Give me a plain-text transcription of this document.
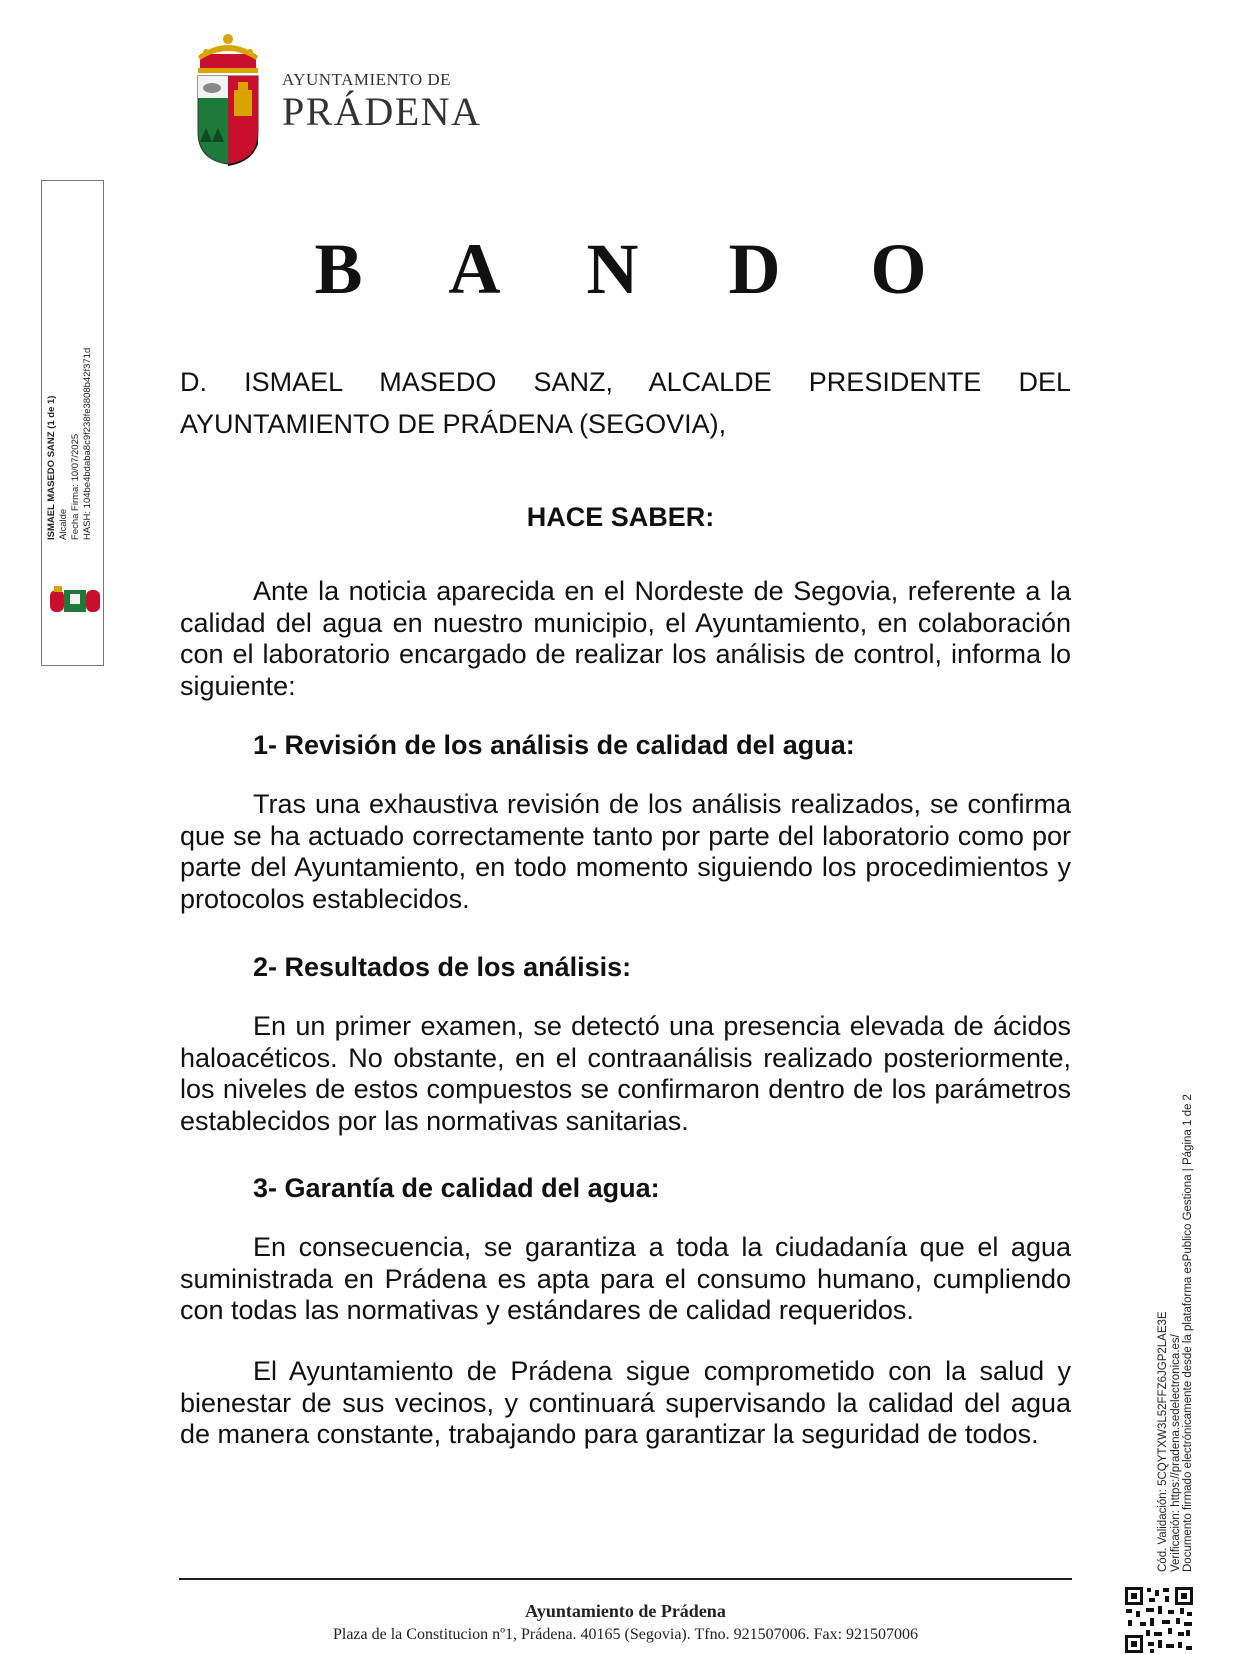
AYUNTAMIENTO DE
PRÁDENA
ISMAEL MASEDO SANZ (1 de 1) Alcalde Fecha Firma: 10/07/2025 HASH: 104be4bdaba8c9f238fe3808b42f371d
B A N D O

D. ISMAEL MASEDO SANZ, ALCALDE PRESIDENTE DEL

AYUNTAMIENTO DE PRÁDENA (SEGOVIA),

HACE SABER:

Ante la noticia aparecida en el Nordeste de Segovia, referente a la calidad del agua en nuestro municipio, el Ayuntamiento, en colaboración con el laboratorio encargado de realizar los análisis de control, informa lo siguiente:

1- Revisión de los análisis de calidad del agua:

Tras una exhaustiva revisión de los análisis realizados, se confirma que se ha actuado correctamente tanto por parte del laboratorio como por parte del Ayuntamiento, en todo momento siguiendo los procedimientos y protocolos establecidos.

2- Resultados de los análisis:

En un primer examen, se detectó una presencia elevada de ácidos haloacéticos. No obstante, en el contraanálisis realizado posteriormente, los niveles de estos compuestos se confirmaron dentro de los parámetros establecidos por las normativas sanitarias.

3- Garantía de calidad del agua:

En consecuencia, se garantiza a toda la ciudadanía que el agua suministrada en Prádena es apta para el consumo humano, cumpliendo con todas las normativas y estándares de calidad requeridos.

El Ayuntamiento de Prádena sigue comprometido con la salud y bienestar de sus vecinos, y continuará supervisando la calidad del agua de manera constante, trabajando para garantizar la seguridad de todos.

Ayuntamiento de Prádena
Plaza de la Constitucion nº1, Prádena. 40165 (Segovia). Tfno. 921507006. Fax: 921507006
Cód. Validación: 5CQYTXW3L52FFZ6JGP2LAE3E Verificación: https://pradena.sedelectronica.es/ Documento firmado electrónicamente desde la plataforma esPublico Gestiona | Página 1 de 2
